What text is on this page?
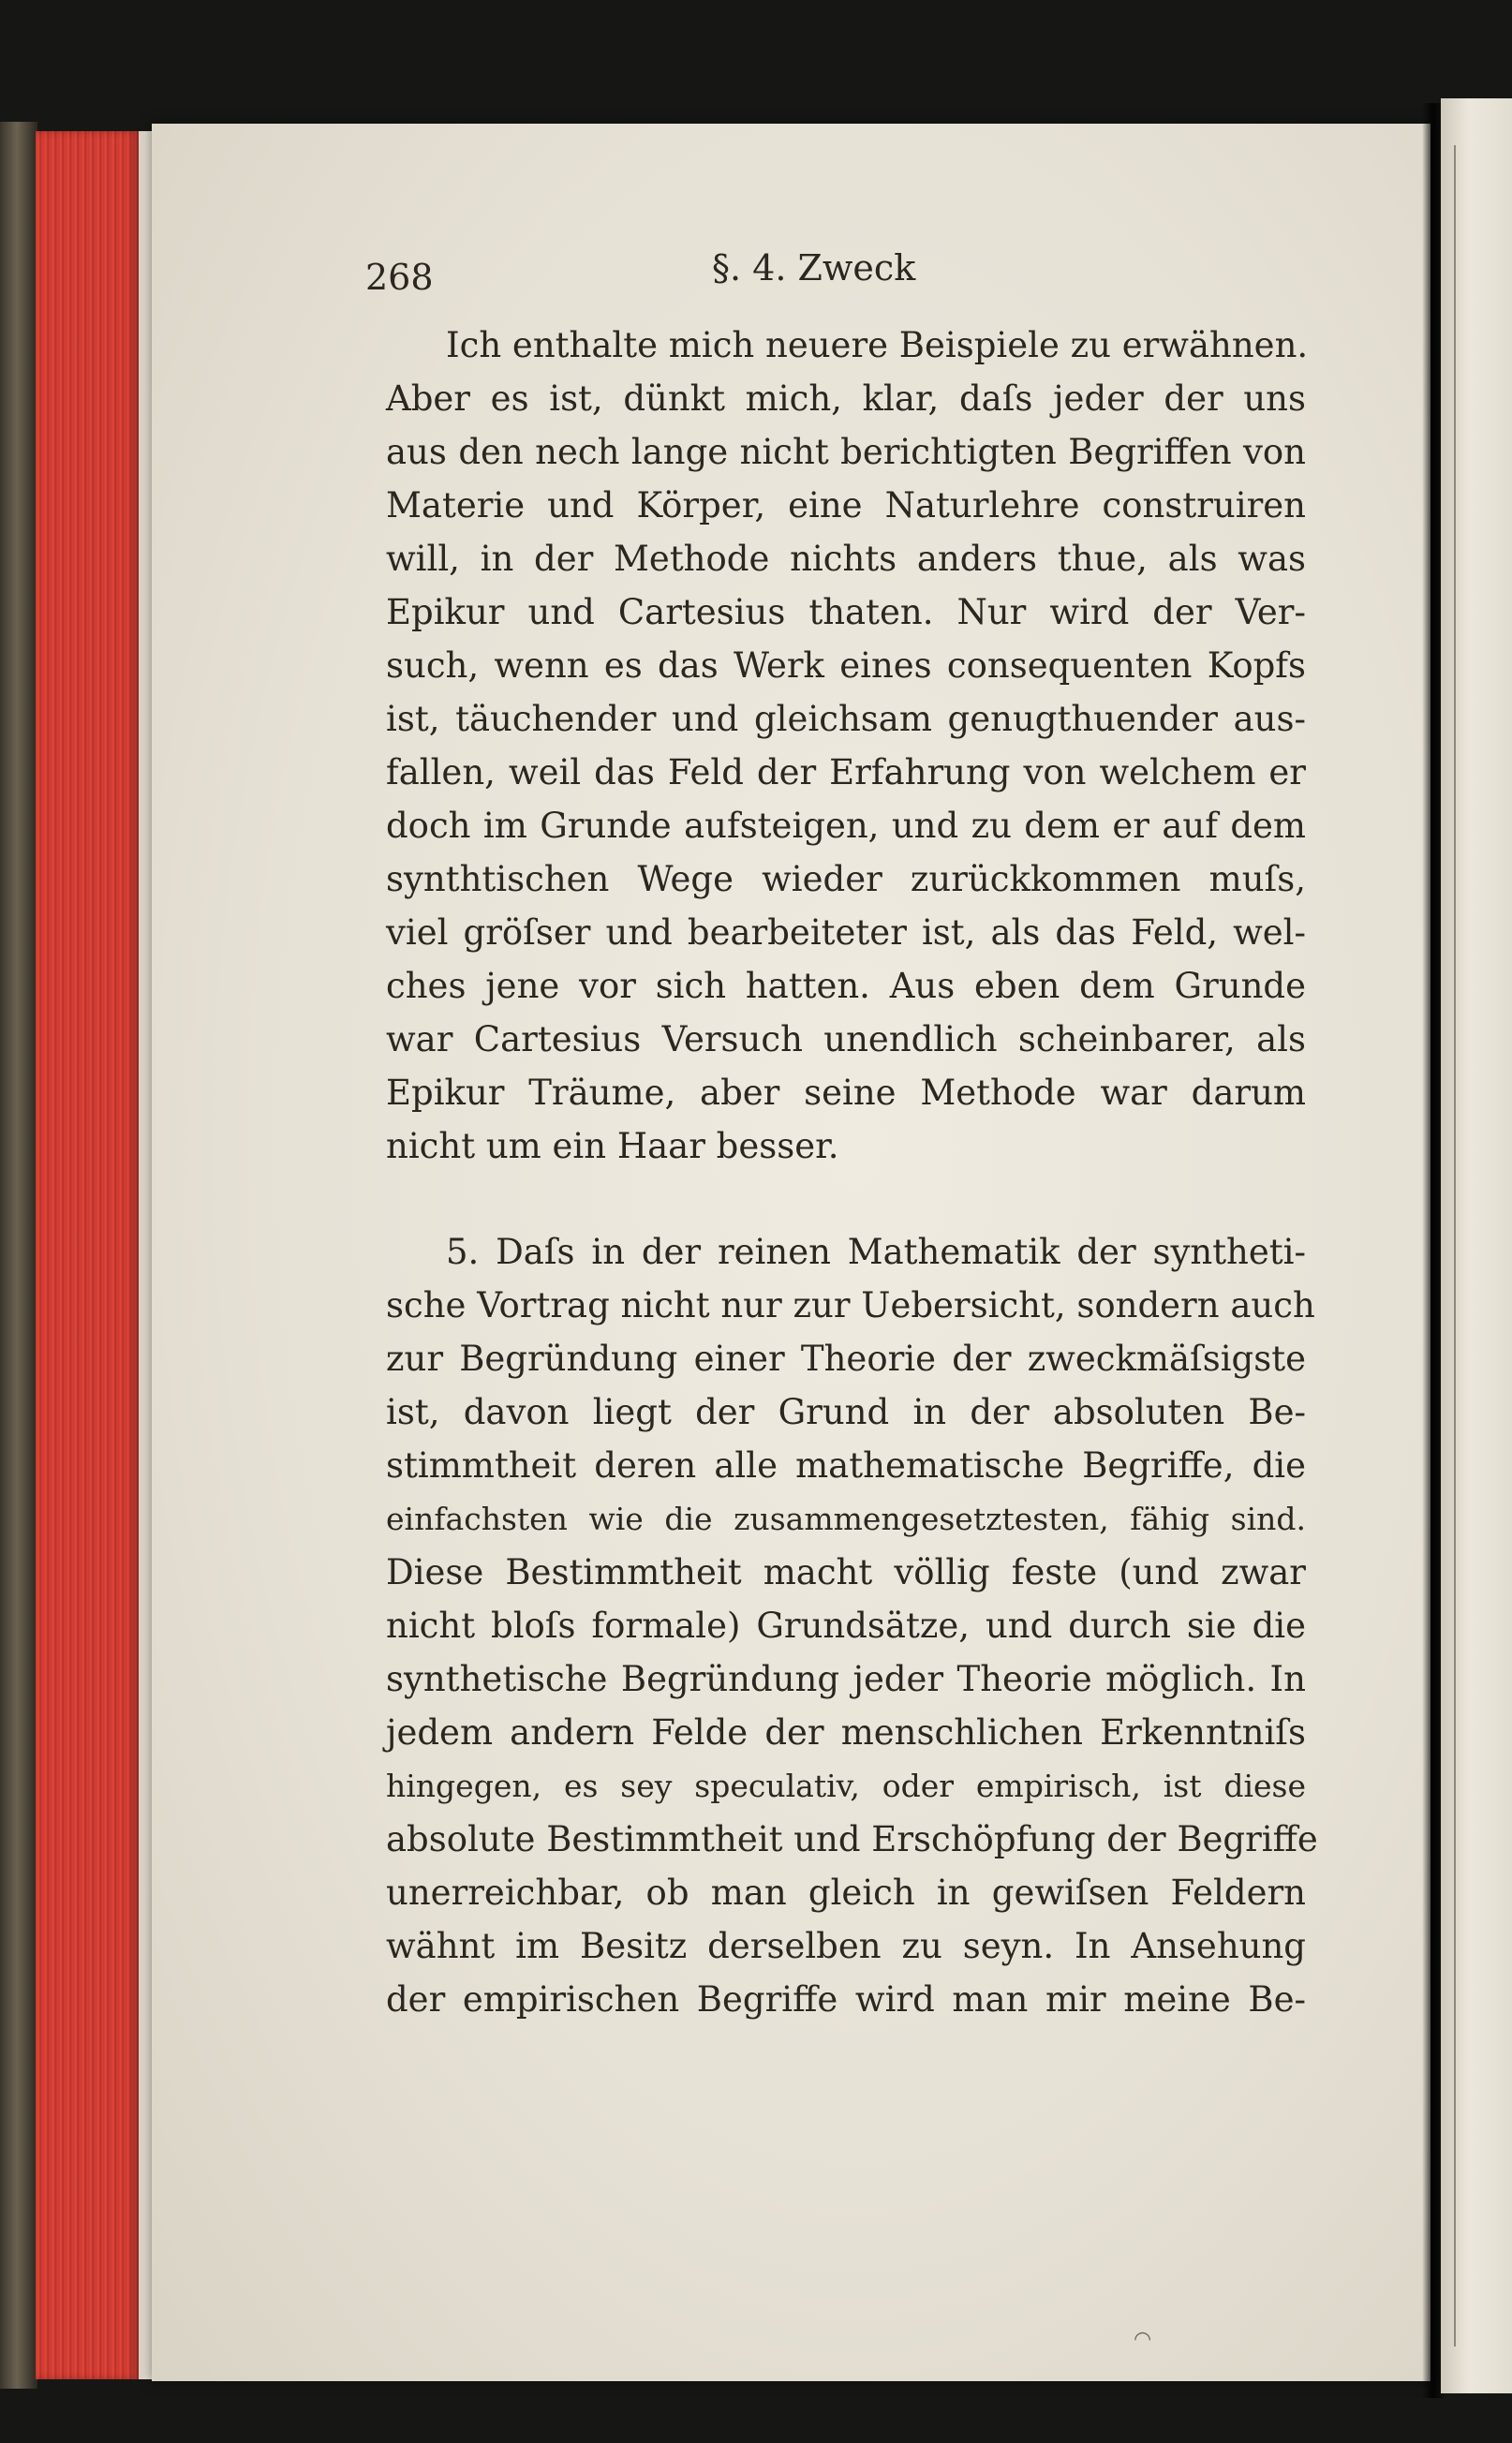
268	§. 4. Zweck
Ich enthalte mich neuere Beispiele zu erwähnen.
Aber es ist, dünkt mich, klar, daſs jeder der uns
aus den nech lange nicht berichtigten Begriffen von
Materie und Körper, eine Naturlehre construiren
will, in der Methode nichts anders thue, als was
Epikur und Cartesius thaten. Nur wird der Ver-
such, wenn es das Werk eines consequenten Kopfs
ist, täuchender und gleichsam genugthuender aus-
fallen, weil das Feld der Erfahrung von welchem er
doch im Grunde aufsteigen, und zu dem er auf dem
synthtischen Wege wieder zurückkommen muſs,
viel gröſser und bearbeiteter ist, als das Feld, wel-
ches jene vor sich hatten. Aus eben dem Grunde
war Cartesius Versuch unendlich scheinbarer, als
Epikur Träume, aber seine Methode war darum
nicht um ein Haar besser.
5. Daſs in der reinen Mathematik der syntheti-
sche Vortrag nicht nur zur Uebersicht, sondern auch
zur Begründung einer Theorie der zweckmäſsigste
ist, davon liegt der Grund in der absoluten Be-
stimmtheit deren alle mathematische Begriffe, die
einfachsten wie die zusammengesetztesten, fähig sind.
Diese Bestimmtheit macht völlig feste (und zwar
nicht bloſs formale) Grundsätze, und durch sie die
synthetische Begründung jeder Theorie möglich. In
jedem andern Felde der menschlichen Erkenntniſs
hingegen, es sey speculativ, oder empirisch, ist diese
absolute Bestimmtheit und Erschöpfung der Begriffe
unerreichbar, ob man gleich in gewiſsen Feldern
wähnt im Besitz derselben zu seyn. In Ansehung
der empirischen Begriffe wird man mir meine Be-
◠
